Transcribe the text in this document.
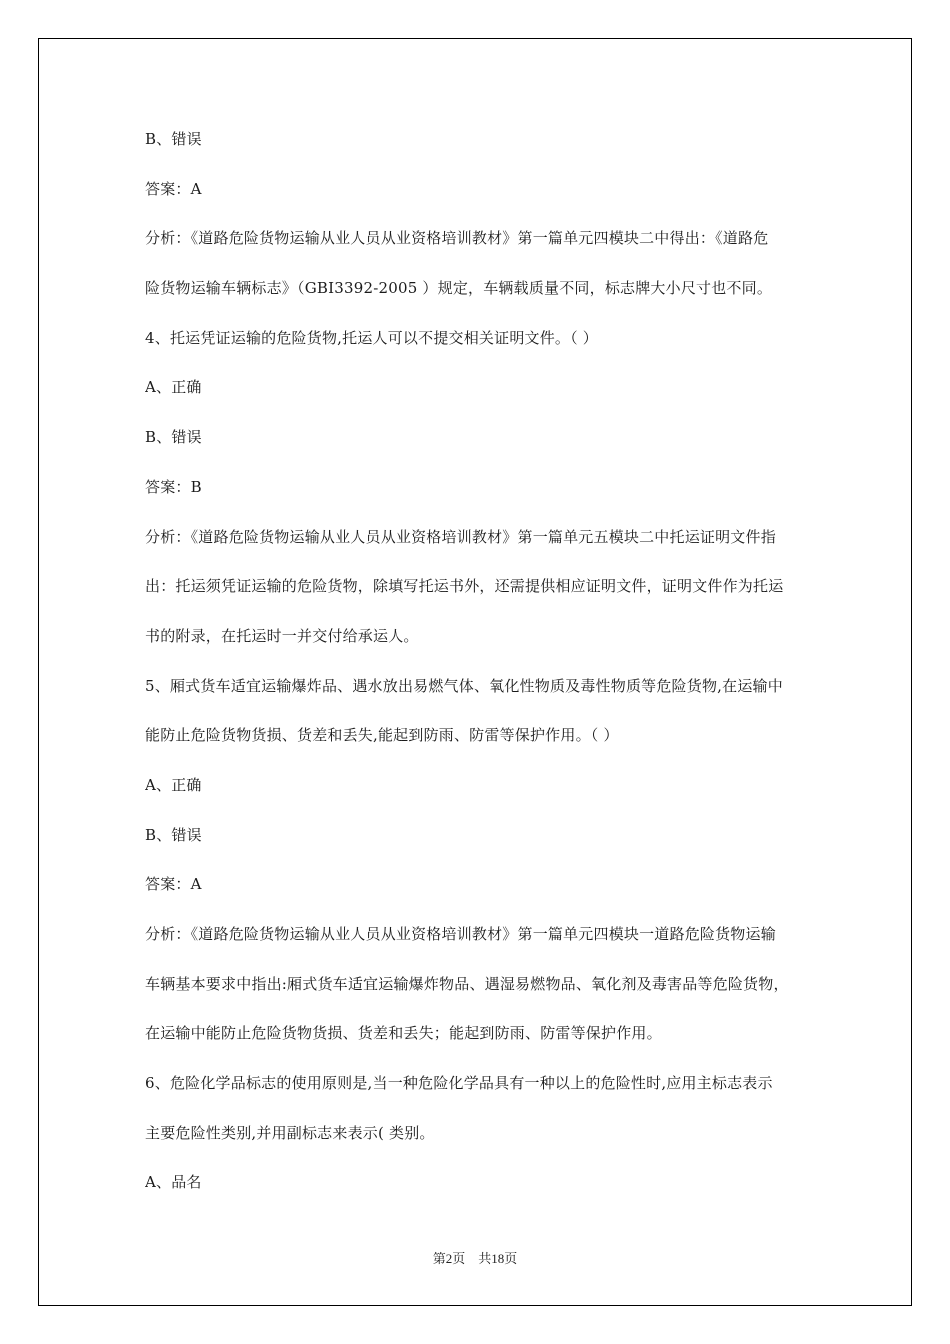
B、错误
答案：A
分析：《道路危险货物运输从业人员从业资格培训教材》第一篇单元四模块二中得出：《道路危
险货物运输车辆标志》（GBI3392-2005 ）规定，车辆载质量不同，标志牌大小尺寸也不同。
4、托运凭证运输的危险货物,托运人可以不提交相关证明文件。（ ）
A、正确
B、错误
答案：B
分析：《道路危险货物运输从业人员从业资格培训教材》第一篇单元五模块二中托运证明文件指
出：托运须凭证运输的危险货物，除填写托运书外，还需提供相应证明文件，证明文件作为托运
书的附录，在托运时一并交付给承运人。
5、厢式货车适宜运输爆炸品、遇水放出易燃气体、氧化性物质及毒性物质等危险货物,在运输中
能防止危险货物货损、货差和丢失,能起到防雨、防雷等保护作用。（ ）
A、正确
B、错误
答案：A
分析：《道路危险货物运输从业人员从业资格培训教材》第一篇单元四模块一道路危险货物运输
车辆基本要求中指出:厢式货车适宜运输爆炸物品、遇湿易燃物品、氧化剂及毒害品等危险货物，
在运输中能防止危险货物货损、货差和丢失；能起到防雨、防雷等保护作用。
6、危险化学品标志的使用原则是,当一种危险化学品具有一种以上的危险性时,应用主标志表示
主要危险性类别,并用副标志来表示( 类别。
A、品名
第2页　共18页
